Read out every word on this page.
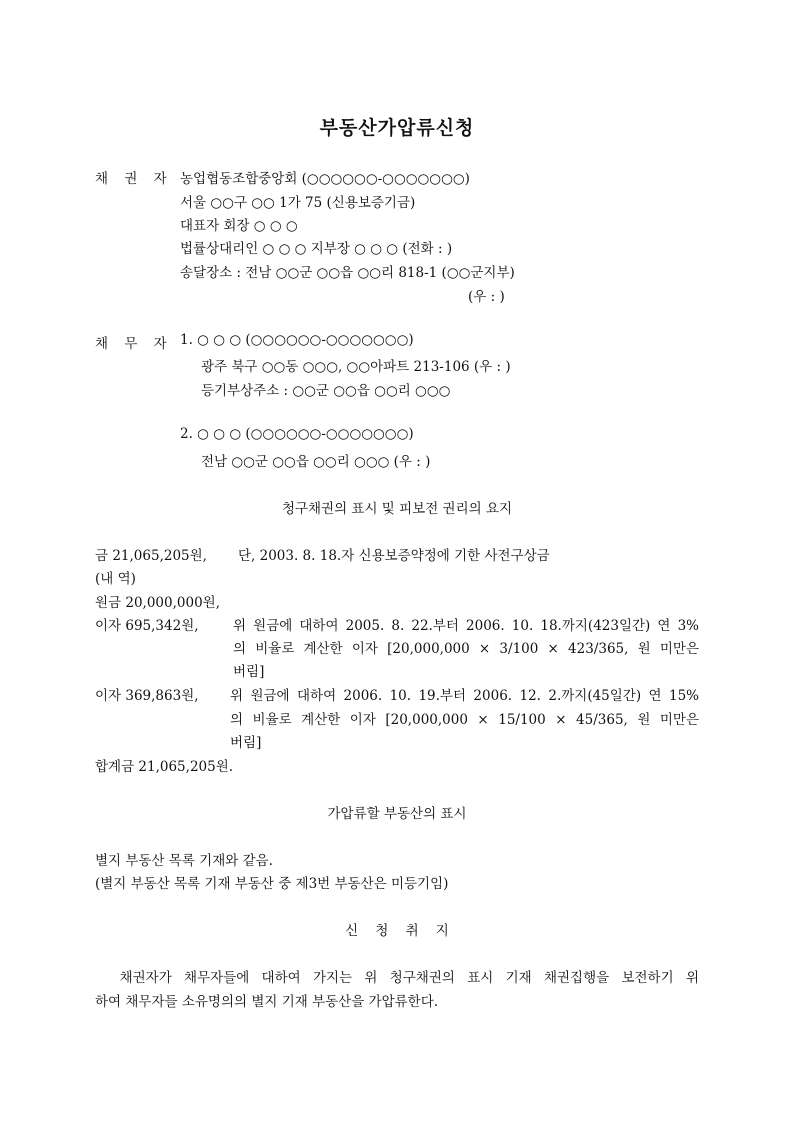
부동산가압류신청
채 권 자 농업협동조합중앙회 (○○○○○○-○○○○○○○)
서울 ○○구 ○○ 1가 75 (신용보증기금)
대표자 회장 ○ ○ ○
법률상대리인 ○ ○ ○ 지부장 ○ ○ ○ (전화 : )
송달장소 : 전남 ○○군 ○○읍 ○○리 818-1 (○○군지부)
(우 : )
채 무 자 1. ○ ○ ○ (○○○○○○-○○○○○○○)
광주 북구 ○○동 ○○○, ○○아파트 213-106 (우 : )
등기부상주소 : ○○군 ○○읍 ○○리 ○○○
2. ○ ○ ○ (○○○○○○-○○○○○○○)
전남 ○○군 ○○읍 ○○리 ○○○ (우 : )
청구채권의 표시 및 피보전 권리의 요지
금 21,065,205원, 단, 2003. 8. 18.자 신용보증약정에 기한 사전구상금
(내 역)
원금 20,000,000원,
이자 695,342원,	위 원금에 대하여 2005. 8. 22.부터 2006. 10. 18.까지(423일간) 연 3%
의 비율로 계산한 이자 [20,000,000 × 3/100 × 423/365, 원 미만은
버림]
이자 369,863원, 위 원금에 대하여 2006. 10. 19.부터 2006. 12. 2.까지(45일간) 연 15%
의 비율로 계산한 이자 [20,000,000 × 15/100 × 45/365, 원 미만은
버림]
합계금 21,065,205원.
가압류할 부동산의 표시
별지 부동산 목록 기재와 같음.
(별지 부동산 목록 기재 부동산 중 제3번 부동산은 미등기임)
신    청    취    지
채권자가 채무자들에 대하여 가지는 위 청구채권의 표시 기재 채권집행을 보전하기 위
하여 채무자들 소유명의의 별지 기재 부동산을 가압류한다.
